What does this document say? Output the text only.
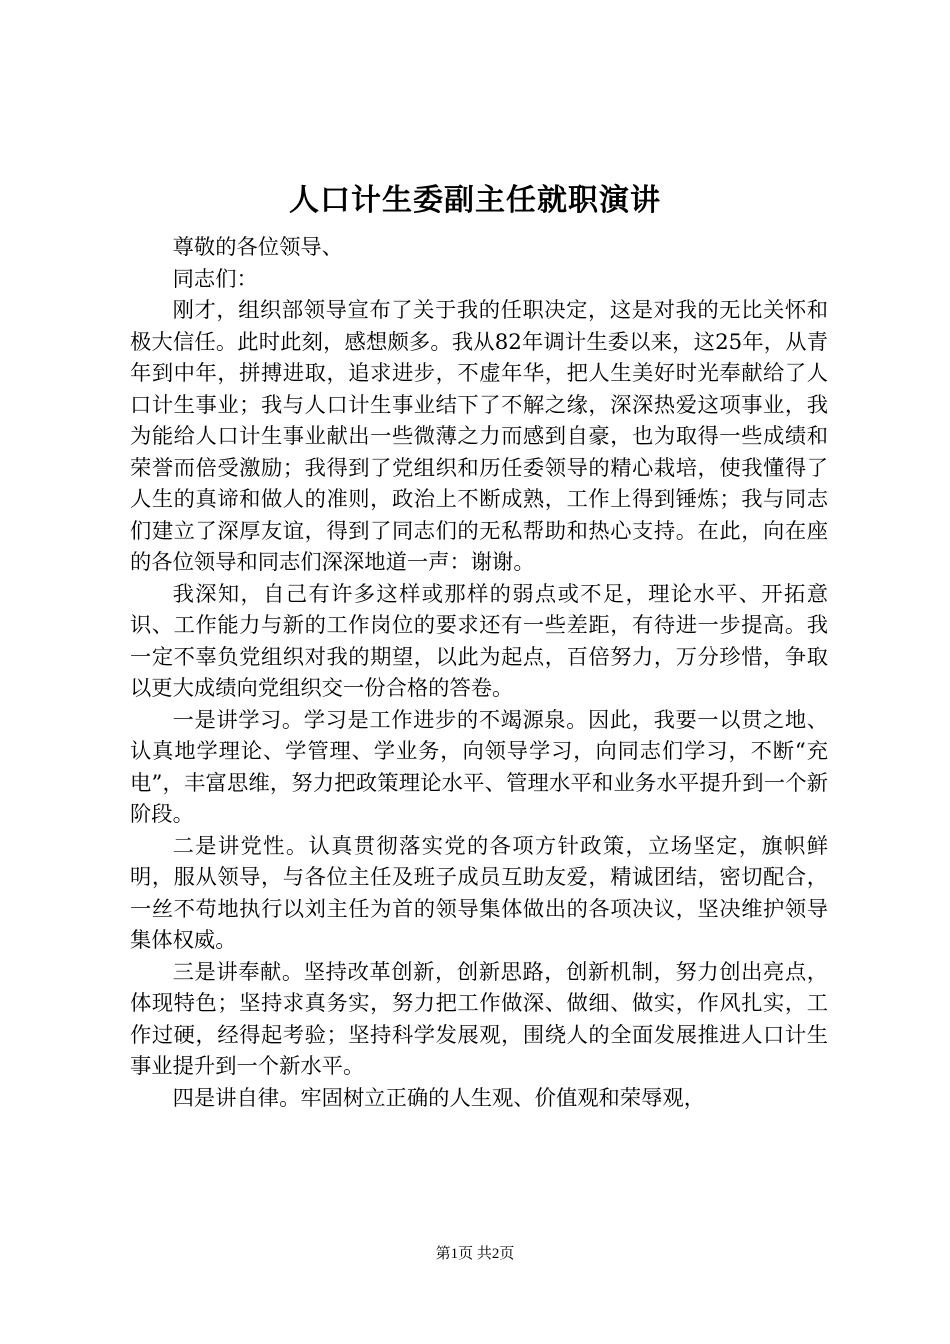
人口计生委副主任就职演讲

尊敬的各位领导、

同志们：

刚才，组织部领导宣布了关于我的任职决定，这是对我的无比关怀和极大信任。此时此刻，感想颇多。我从82年调计生委以来，这25年，从青年到中年，拼搏进取，追求进步，不虚年华，把人生美好时光奉献给了人口计生事业；我与人口计生事业结下了不解之缘，深深热爱这项事业，我为能给人口计生事业献出一些微薄之力而感到自豪，也为取得一些成绩和荣誉而倍受激励；我得到了党组织和历任委领导的精心栽培，使我懂得了人生的真谛和做人的准则，政治上不断成熟，工作上得到锤炼；我与同志们建立了深厚友谊，得到了同志们的无私帮助和热心支持。在此，向在座的各位领导和同志们深深地道一声：谢谢。

我深知，自己有许多这样或那样的弱点或不足，理论水平、开拓意识、工作能力与新的工作岗位的要求还有一些差距，有待进一步提高。我一定不辜负党组织对我的期望，以此为起点，百倍努力，万分珍惜，争取以更大成绩向党组织交一份合格的答卷。

一是讲学习。学习是工作进步的不竭源泉。因此，我要一以贯之地、认真地学理论、学管理、学业务，向领导学习，向同志们学习，不断“充电”，丰富思维，努力把政策理论水平、管理水平和业务水平提升到一个新阶段。

二是讲党性。认真贯彻落实党的各项方针政策，立场坚定，旗帜鲜明，服从领导，与各位主任及班子成员互助友爱，精诚团结，密切配合，一丝不苟地执行以刘主任为首的领导集体做出的各项决议，坚决维护领导集体权威。

三是讲奉献。坚持改革创新，创新思路，创新机制，努力创出亮点，体现特色；坚持求真务实，努力把工作做深、做细、做实，作风扎实，工作过硬，经得起考验；坚持科学发展观，围绕人的全面发展推进人口计生事业提升到一个新水平。

四是讲自律。牢固树立正确的人生观、价值观和荣辱观，

第1页 共2页
